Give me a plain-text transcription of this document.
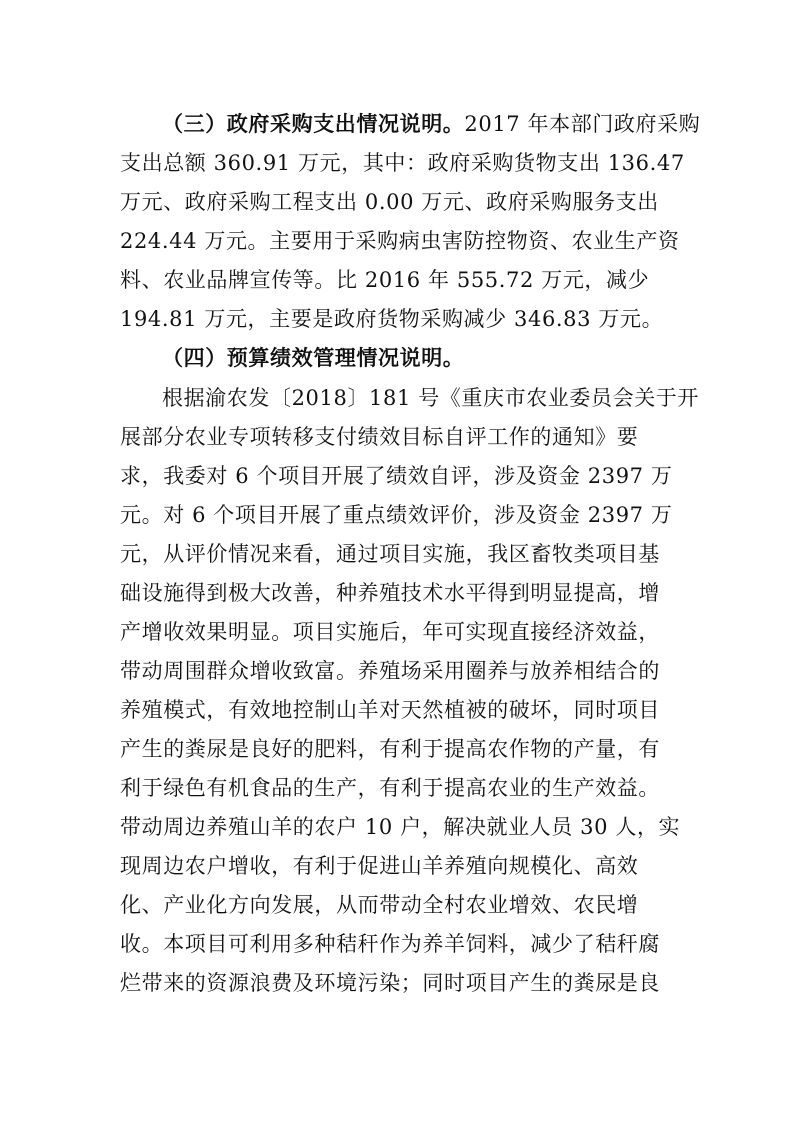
（三）政府采购支出情况说明。2017 年本部门政府采购
支出总额 360.91 万元，其中：政府采购货物支出 136.47
万元、政府采购工程支出 0.00 万元、政府采购服务支出
224.44 万元。主要用于采购病虫害防控物资、农业生产资
料、农业品牌宣传等。比 2016 年 555.72 万元，减少
194.81 万元，主要是政府货物采购减少 346.83 万元。
（四）预算绩效管理情况说明。
根据渝农发〔2018〕181 号《重庆市农业委员会关于开
展部分农业专项转移支付绩效目标自评工作的通知》要
求，我委对 6 个项目开展了绩效自评，涉及资金 2397 万
元。对 6 个项目开展了重点绩效评价，涉及资金 2397 万
元，从评价情况来看，通过项目实施，我区畜牧类项目基
础设施得到极大改善，种养殖技术水平得到明显提高，增
产增收效果明显。项目实施后，年可实现直接经济效益，
带动周围群众增收致富。养殖场采用圈养与放养相结合的
养殖模式，有效地控制山羊对天然植被的破坏，同时项目
产生的粪尿是良好的肥料，有利于提高农作物的产量，有
利于绿色有机食品的生产，有利于提高农业的生产效益。
带动周边养殖山羊的农户 10 户，解决就业人员 30 人，实
现周边农户增收，有利于促进山羊养殖向规模化、高效
化、产业化方向发展，从而带动全村农业增效、农民增
收。本项目可利用多种秸秆作为养羊饲料，减少了秸秆腐
烂带来的资源浪费及环境污染；同时项目产生的粪尿是良
